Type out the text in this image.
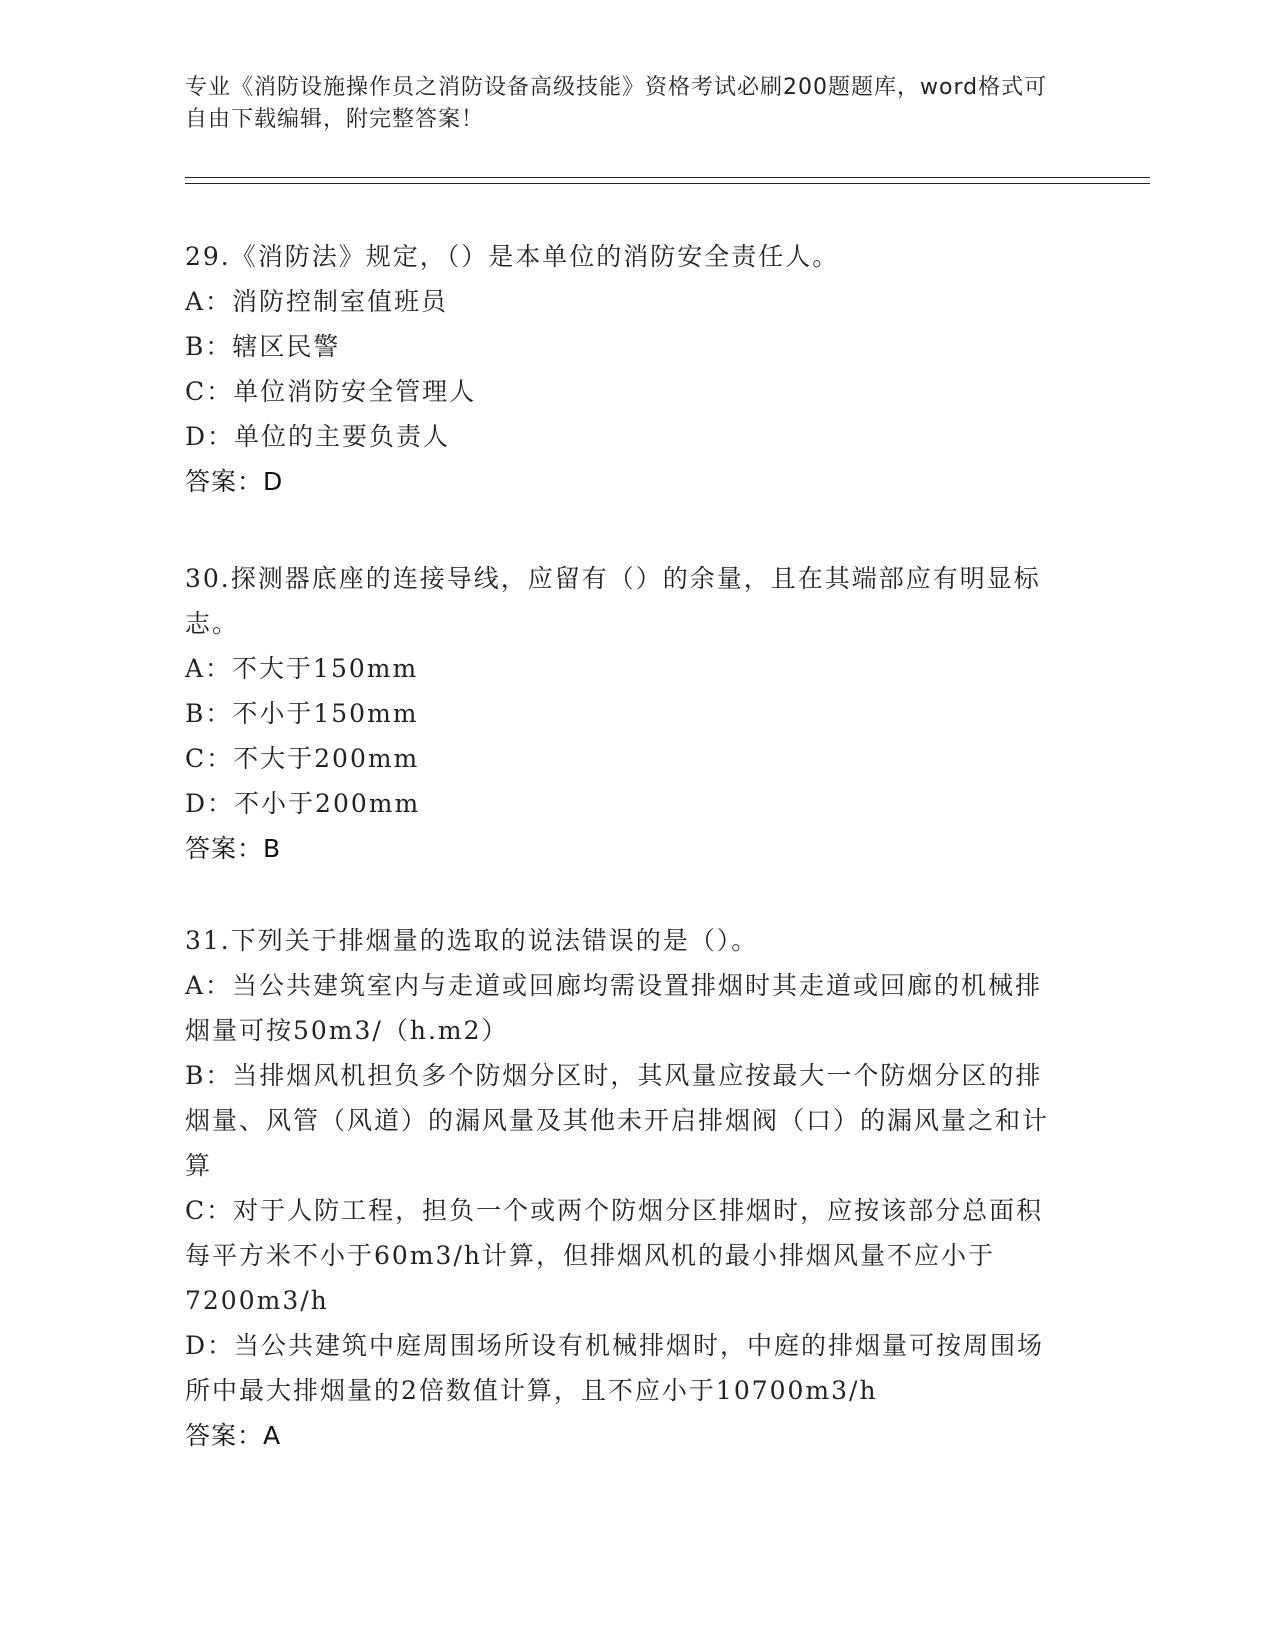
专业《消防设施操作员之消防设备高级技能》资格考试必刷200题题库，word格式可自由下载编辑，附完整答案！

29.《消防法》规定，（）是本单位的消防安全责任人。

A：消防控制室值班员

B：辖区民警

C：单位消防安全管理人

D：单位的主要负责人

答案：D

30.探测器底座的连接导线，应留有（）的余量，且在其端部应有明显标志。

A：不大于150mm

B：不小于150mm

C：不大于200mm

D：不小于200mm

答案：B

31.下列关于排烟量的选取的说法错误的是（）。

A：当公共建筑室内与走道或回廊均需设置排烟时其走道或回廊的机械排烟量可按50m3/（h.m2）

B：当排烟风机担负多个防烟分区时，其风量应按最大一个防烟分区的排烟量、风管（风道）的漏风量及其他未开启排烟阀（口）的漏风量之和计算

C：对于人防工程，担负一个或两个防烟分区排烟时，应按该部分总面积每平方米不小于60m3/h计算，但排烟风机的最小排烟风量不应小于7200m3/h

D：当公共建筑中庭周围场所设有机械排烟时，中庭的排烟量可按周围场所中最大排烟量的2倍数值计算，且不应小于10700m3/h

答案：A
